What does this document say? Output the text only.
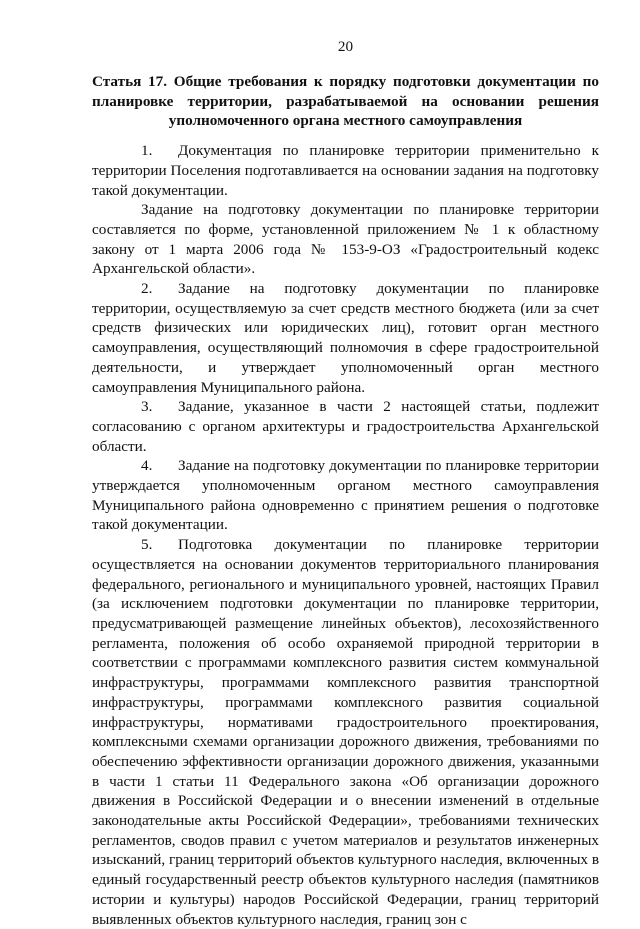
20
Статья 17. Общие требования к порядку подготовки документации по планировке территории, разрабатываемой на основании решения уполномоченного органа местного самоуправления

1. Документация по планировке территории применительно к территории Поселения подготавливается на основании задания на подготовку такой документации.

Задание на подготовку документации по планировке территории составляется по форме, установленной приложением № 1 к областному закону от 1 марта 2006 года № 153-9-ОЗ «Градостроительный кодекс Архангельской области».

2. Задание на подготовку документации по планировке территории, осуществляемую за счет средств местного бюджета (или за счет средств физических или юридических лиц), готовит орган местного самоуправления, осуществляющий полномочия в сфере градостроительной деятельности, и утверждает уполномоченный орган местного самоуправления Муниципального района.

3. Задание, указанное в части 2 настоящей статьи, подлежит согласованию с органом архитектуры и градостроительства Архангельской области.

4. Задание на подготовку документации по планировке территории утверждается уполномоченным органом местного самоуправления Муниципального района одновременно с принятием решения о подготовке такой документации.

5. Подготовка документации по планировке территории осуществляется на основании документов территориального планирования федерального, регионального и муниципального уровней, настоящих Правил (за исключением подготовки документации по планировке территории, предусматривающей размещение линейных объектов), лесохозяйственного регламента, положения об особо охраняемой природной территории в соответствии с программами комплексного развития систем коммунальной инфраструктуры, программами комплексного развития транспортной инфраструктуры, программами комплексного развития социальной инфраструктуры, нормативами градостроительного проектирования, комплексными схемами организации дорожного движения, требованиями по обеспечению эффективности организации дорожного движения, указанными в части 1 статьи 11 Федерального закона «Об организации дорожного движения в Российской Федерации и о внесении изменений в отдельные законодательные акты Российской Федерации», требованиями технических регламентов, сводов правил с учетом материалов и результатов инженерных изысканий, границ территорий объектов культурного наследия, включенных в единый государственный реестр объектов культурного наследия (памятников истории и культуры) народов Российской Федерации, границ территорий выявленных объектов культурного наследия, границ зон с
